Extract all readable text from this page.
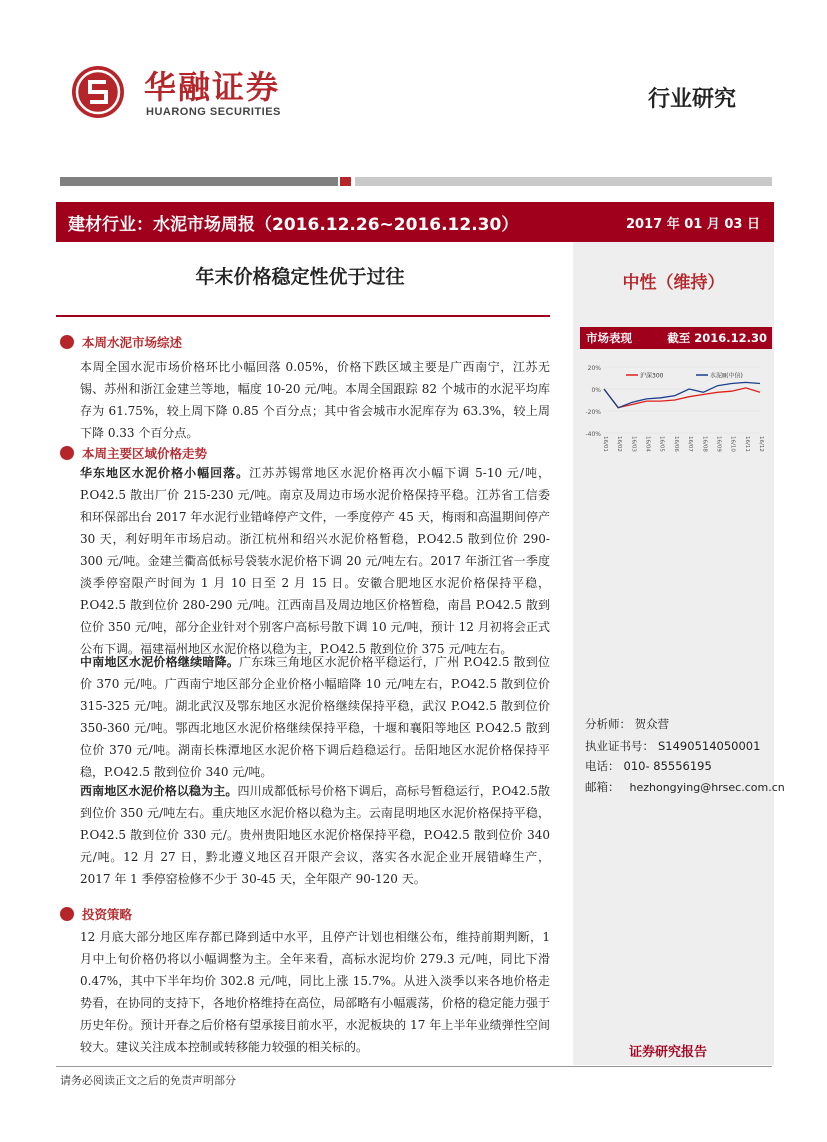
华融证券
HUARONG SECURITIES	行业研究
建材行业：水泥市场周报（2016.12.26~2016.12.30）	2017 年 01 月 03 日
年末价格稳定性优于过往	中性（维持）
本周水泥市场综述
本周全国水泥市场价格环比小幅回落 0.05%，价格下跌区域主要是广西南宁，江苏无锡、苏州和浙江金建兰等地，幅度 10-20 元/吨。本周全国跟踪 82 个城市的水泥平均库存为 61.75%，较上周下降 0.85 个百分点；其中省会城市水泥库存为 63.3%，较上周下降 0.33 个百分点。
本周主要区域价格走势
华东地区水泥价格小幅回落。江苏苏锡常地区水泥价格再次小幅下调 5-10 元/吨，P.O42.5 散出厂价 215-230 元/吨。南京及周边市场水泥价格保持平稳。江苏省工信委和环保部出台 2017 年水泥行业错峰停产文件，一季度停产 45 天，梅雨和高温期间停产 30 天，利好明年市场启动。浙江杭州和绍兴水泥价格暂稳，P.O42.5 散到位价 290-300 元/吨。金建兰衢高低标号袋装水泥价格下调 20 元/吨左右。2017 年浙江省一季度淡季停窑限产时间为 1 月 10 日至 2 月 15 日。安徽合肥地区水泥价格保持平稳，P.O42.5 散到位价 280-290 元/吨。江西南昌及周边地区价格暂稳，南昌 P.O42.5 散到位价 350 元/吨，部分企业针对个别客户高标号散下调 10 元/吨，预计 12 月初将会正式公布下调。福建福州地区水泥价格以稳为主，P.O42.5 散到位价 375 元/吨左右。
中南地区水泥价格继续暗降。广东珠三角地区水泥价格平稳运行，广州 P.O42.5 散到位价 370 元/吨。广西南宁地区部分企业价格小幅暗降 10 元/吨左右，P.O42.5 散到位价 315-325 元/吨。湖北武汉及鄂东地区水泥价格继续保持平稳，武汉 P.O42.5 散到位价 350-360 元/吨。鄂西北地区水泥价格继续保持平稳，十堰和襄阳等地区 P.O42.5 散到位价 370 元/吨。湖南长株潭地区水泥价格下调后趋稳运行。岳阳地区水泥价格保持平稳，P.O42.5 散到位价 340 元/吨。
西南地区水泥价格以稳为主。四川成都低标号价格下调后，高标号暂稳运行，P.O42.5散到位价 350 元/吨左右。重庆地区水泥价格以稳为主。云南昆明地区水泥价格保持平稳，P.O42.5 散到位价 330 元/。贵州贵阳地区水泥价格保持平稳，P.O42.5 散到位价 340 元/吨。12 月 27 日，黔北遵义地区召开限产会议，落实各水泥企业开展错峰生产，2017 年 1 季停窑检修不少于 30-45 天，全年限产 90-120 天。
投资策略
12 月底大部分地区库存都已降到适中水平，且停产计划也相继公布，维持前期判断，1 月中上旬价格仍将以小幅调整为主。全年来看，高标水泥均价 279.3 元/吨，同比下滑 0.47%，其中下半年均价 302.8 元/吨，同比上涨 15.7%。从进入淡季以来各地价格走势看，在协同的支持下，各地价格维持在高位，局部略有小幅震荡，价格的稳定能力强于历史年份。预计开春之后价格有望承接目前水平，水泥板块的 17 年上半年业绩弹性空间较大。建议关注成本控制或转移能力较强的相关标的。
市场表现	截至 2016.12.30
20%
0%
-20%
-40%
16/01 16/02 16/03 16/04 16/05 16/06 16/07 16/08 16/09 16/10 16/11 16/12
沪深300	水泥Ⅲ(中信)
分析师： 贺众营
执业证书号： S1490514050001
电话： 010- 85556195
邮箱： hezhongying@hrsec.com.cn
证券研究报告
请务必阅读正文之后的免责声明部分
